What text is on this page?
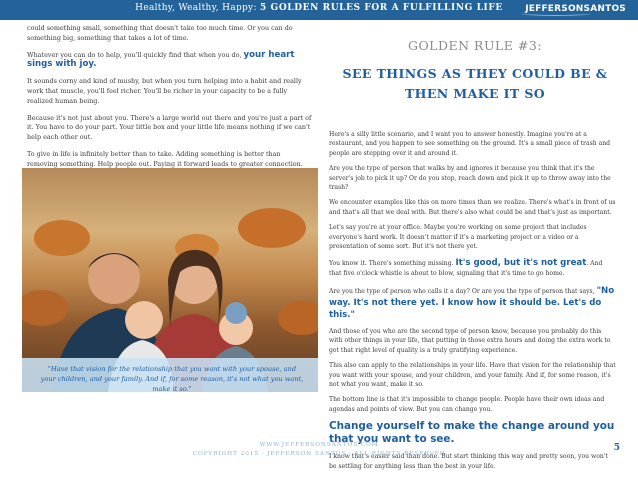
Healthy, Wealthy, Happy: 5 GOLDEN RULES FOR A FULFILLING LIFE	JEFFERSONSANTOS

could something small, something that doesn't take too much time. Or you can do something big, something that takes a lot of time.

Whatever you can do to help, you'll quickly find that when you do, your heart sings with joy.

It sounds corny and kind of mushy, but when you turn helping into a habit and really work that muscle, you'll feel richer. You'll be richer in your capacity to be a fully realized human being.

Because it's not just about you. There's a large world out there and you're just a part of it. You have to do your part. Your little box and your little life means nothing if we can't help each other out.

To give in life is infinitely better than to take. Adding something is better than removing something. Help people out. Paying it forward leads to greater connection.

"Have that vision for the relationship that you want with your spouse, and your children, and your family. And if, for some reason, it's not what you want, make it so."

GOLDEN RULE #3:
SEE THINGS AS THEY COULD BE & THEN MAKE IT SO

Here's a silly little scenario, and I want you to answer honestly. Imagine you're at a restaurant, and you happen to see something on the ground. It's a small piece of trash and people are stepping over it and around it.

Are you the type of person that walks by and ignores it because you think that it's the server's job to pick it up? Or do you stop, reach down and pick it up to throw away into the trash?

We encounter examples like this on more times than we realize. There's what's in front of us and that's all that we deal with. But there's also what could be and that's just as important.

Let's say you're at your office. Maybe you're working on some project that includes everyone's hard work. It doesn't matter if it's a marketing project or a video or a presentation of some sort. But it's not there yet.

You know it. There's something missing. It's good, but it's not great. And that five o'clock whistle is about to blow, signaling that it's time to go home.

Are you the type of person who calls it a day? Or are you the type of person that says, "No way. It's not there yet. I know how it should be. Let's do this."

And those of you who are the second type of person know, because you probably do this with other things in your life, that putting in those extra hours and doing the extra work to get that right level of quality is a truly gratifying experience.

This also can apply to the relationships in your life. Have that vision for the relationship that you want with your spouse, and your children, and your family. And if, for some reason, it's not what you want, make it so.

The bottom line is that it's impossible to change people. People have their own ideas and agendas and points of view. But you can change you.

Change yourself to make the change around you that you want to see.

I know that's easier said than done. But start thinking this way and pretty soon, you won't be settling for anything less than the best in your life.

WWW.JEFFERSONSANTOS.COM
COPYRIGHT 2015 · JEFFERSON SANTOS · ALL RIGHTS RESERVED
5
